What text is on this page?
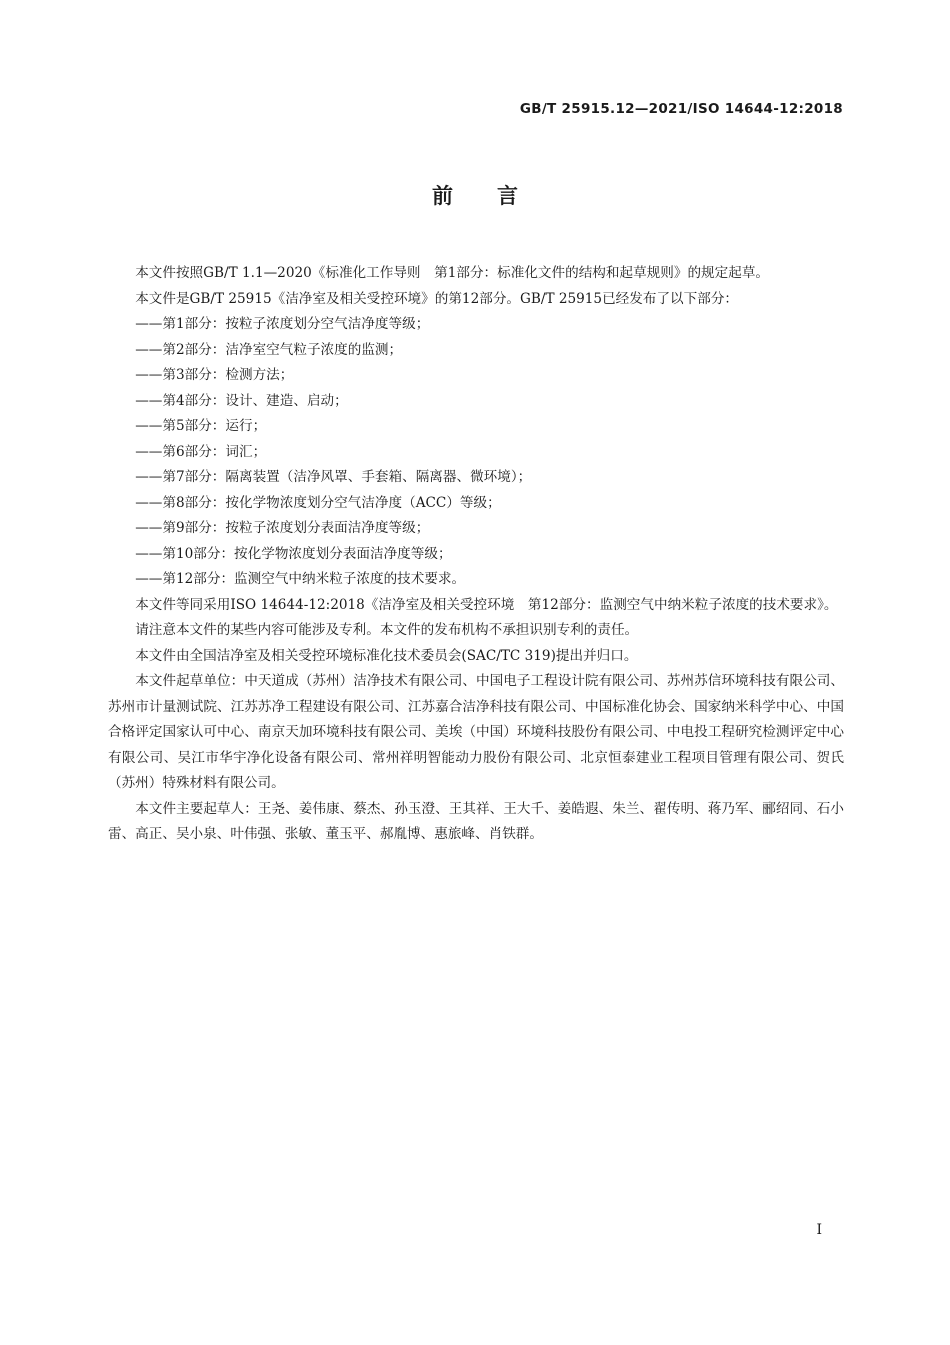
GB/T 25915.12—2021/ISO 14644-12:2018
前言

本文件按照GB/T 1.1—2020《标准化工作导则　第1部分：标准化文件的结构和起草规则》的规定起草。

本文件是GB/T 25915《洁净室及相关受控环境》的第12部分。GB/T 25915已经发布了以下部分：

——第1部分：按粒子浓度划分空气洁净度等级；
——第2部分：洁净室空气粒子浓度的监测；
——第3部分：检测方法；
——第4部分：设计、建造、启动；
——第5部分：运行；
——第6部分：词汇；
——第7部分：隔离装置（洁净风罩、手套箱、隔离器、微环境）；
——第8部分：按化学物浓度划分空气洁净度（ACC）等级；
——第9部分：按粒子浓度划分表面洁净度等级；
——第10部分：按化学物浓度划分表面洁净度等级；
——第12部分：监测空气中纳米粒子浓度的技术要求。

本文件等同采用ISO 14644-12:2018《洁净室及相关受控环境　第12部分：监测空气中纳米粒子浓度的技术要求》。

请注意本文件的某些内容可能涉及专利。本文件的发布机构不承担识别专利的责任。

本文件由全国洁净室及相关受控环境标准化技术委员会(SAC/TC 319)提出并归口。

本文件起草单位：中天道成（苏州）洁净技术有限公司、中国电子工程设计院有限公司、苏州苏信环境科技有限公司、苏州市计量测试院、江苏苏净工程建设有限公司、江苏嘉合洁净科技有限公司、中国标准化协会、国家纳米科学中心、中国合格评定国家认可中心、南京天加环境科技有限公司、美埃（中国）环境科技股份有限公司、中电投工程研究检测评定中心有限公司、吴江市华宇净化设备有限公司、常州祥明智能动力股份有限公司、北京恒泰建业工程项目管理有限公司、贺氏（苏州）特殊材料有限公司。

本文件主要起草人：王尧、姜伟康、蔡杰、孙玉澄、王其祥、王大千、姜皓遐、朱兰、翟传明、蒋乃军、郦绍同、石小雷、高正、吴小泉、叶伟强、张敏、董玉平、郝胤博、惠旅峰、肖铁群。

I
